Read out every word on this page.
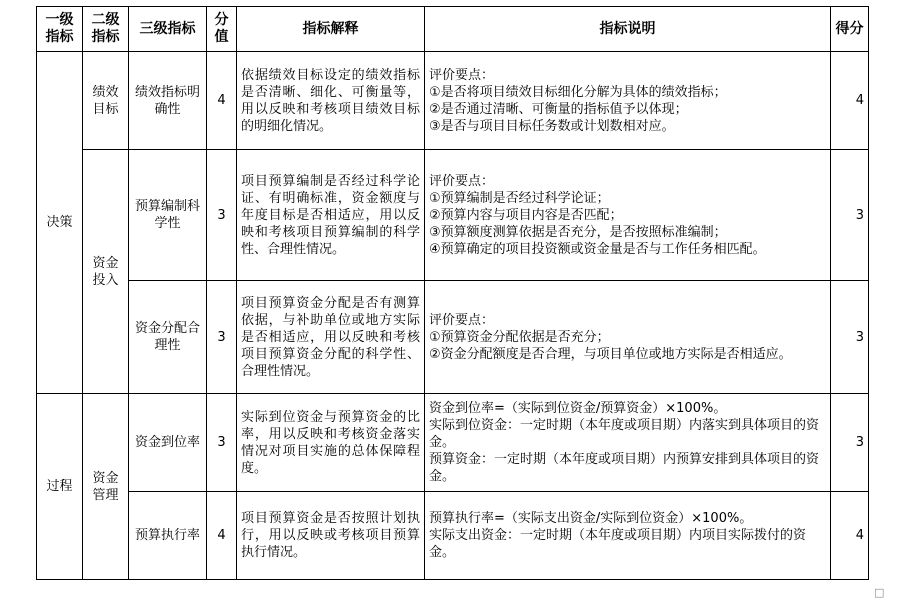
一级指标	二级指标	三级指标	分值	指标解释	指标说明	得分
决策	绩效目标	绩效指标明确性	4	依据绩效目标设定的绩效指标是否清晰、细化、可衡量等，用以反映和考核项目绩效目标的明细化情况。	评价要点：
①是否将项目绩效目标细化分解为具体的绩效指标；
②是否通过清晰、可衡量的指标值予以体现；
③是否与项目目标任务数或计划数相对应。	4
	资金投入	预算编制科学性	3	项目预算编制是否经过科学论证、有明确标准，资金额度与年度目标是否相适应，用以反映和考核项目预算编制的科学性、合理性情况。	评价要点：
①预算编制是否经过科学论证；
②预算内容与项目内容是否匹配；
③预算额度测算依据是否充分，是否按照标准编制；
④预算确定的项目投资额或资金量是否与工作任务相匹配。	3
		资金分配合理性	3	项目预算资金分配是否有测算依据，与补助单位或地方实际是否相适应，用以反映和考核项目预算资金分配的科学性、合理性情况。	评价要点：
①预算资金分配依据是否充分；
②资金分配额度是否合理，与项目单位或地方实际是否相适应。	3
过程	资金管理	资金到位率	3	实际到位资金与预算资金的比率，用以反映和考核资金落实情况对项目实施的总体保障程度。	资金到位率=（实际到位资金/预算资金）×100%。
实际到位资金：一定时期（本年度或项目期）内落实到具体项目的资金。
预算资金：一定时期（本年度或项目期）内预算安排到具体项目的资金。	3
		预算执行率	4	项目预算资金是否按照计划执行，用以反映或考核项目预算执行情况。	预算执行率=（实际支出资金/实际到位资金）×100%。
实际支出资金：一定时期（本年度或项目期）内项目实际拨付的资金。	4
□
